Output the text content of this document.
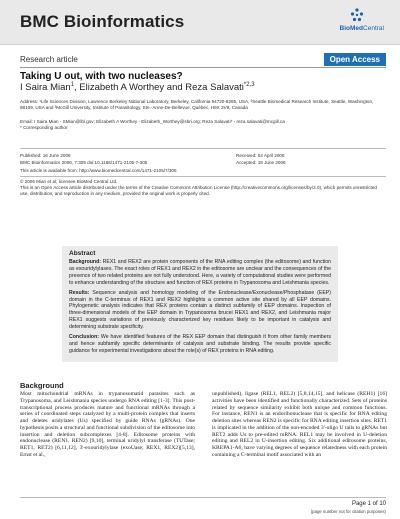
BMC Bioinformatics	BioMedCentral
Research article	Open Access
Taking U out, with two nucleases?
I Saira Mian$^1$, Elizabeth A Worthey and Reza Salavati$^{*2,3}$
Address: ¹Life Sciences Division, Lawrence Berkeley National Laboratory, Berkeley, California 94720-8265, USA, ²Seattle Biomedical Research Institute, Seattle, Washington, 98109, USA and ³McGill University, Institute of Parasitology, Ste.-Anne-De-Bellevue, Québec, H9X 3V9, Canada
Email: I Saira Mian - SMian@lbl.gov; Elizabeth A Worthey - Elizabeth_Worthey@sbri.org; Reza Salavati* - reza.salavati@mcgill.ca
* Corresponding author
Published: 16 June 2006	Received: 04 April 2006
BMC Bioinformatics 2006, 7:305 doi:10.1186/1471-2105-7-305	Accepted: 16 June 2006
This article is available from: http://www.biomedcentral.com/1471-2105/7/305
© 2006 Mian et al; licensee BioMed Central Ltd.
This is an Open Access article distributed under the terms of the Creative Commons Attribution License (http://creativecommons.org/licenses/by/2.0), which permits unrestricted use, distribution, and reproduction in any medium, provided the original work is properly cited.
Abstract

Background: REX1 and REX2 are protein components of the RNA editing complex (the editosome) and function as exouridylylases. The exact roles of REX1 and REX2 in the editosome are unclear and the consequences of the presence of two related proteins are not fully understood. Here, a variety of computational studies were performed to enhance understanding of the structure and function of REX proteins in Trypanosoma and Leishmania species.

Results: Sequence analysis and homology modeling of the Endonuclease/Exonuclease/Phosphatase (EEP) domain in the C-terminus of REX1 and REX2 highlights a common active site shared by all EEP domains. Phylogenetic analysis indicates that REX proteins contain a distinct subfamily of EEP domains. Inspection of three-dimensional models of the EEP domain in Trypanosoma brucei REX1 and REX2, and Leishmania major REX1 suggests variations of previously characterized key residues likely to be important in catalysis and determining substrate specificity.

Conclusion: We have identified features of the REX EEP domain that distinguish it from other family members and hence subfamily specific determinants of catalysis and substrate binding. The results provide specific guidance for experimental investigations about the role(s) of REX proteins in RNA editing.

Background
Most mitochondrial mRNAs in trypanosomatid parasites such as Trypanosoma, and Leishmania species undergo RNA editing [1-3]. This post-transcriptional process produces mature and functional mRNAs through a series of coordinated steps catalyzed by a multi-protein complex that inserts and deletes uridylates (Us) specified by guide RNAs (gRNAs). One hypothesis posits a structural and functional subdivision of the editosome into insertion and deletion subcomplexes [4-8]. Editosome proteins with endonuclease (REN1, REN2) [9,10], terminal uridylyl transferase (TUTase; RET1, RET2) [6,11,12], 3'-exouridylylase (exoUase; REX1, REX2)[5,13], Ernst et al.,
unpublished), ligase (REL1, REL2) [5,8,14,15], and helicase (REH1) [16] activities have been identified and functionally characterized. Sets of proteins related by sequence similarity exhibit both unique and common functions. For instance, REN1 is an endoribonuclease that is specific for RNA editing deletion sites whereas REN2 is specific for RNA editing insertion sites. RET1 is implicated in the addition of the non-encoded 3'-oligo U tails to gRNAs but RET2 adds Us to pre-edited mRNA. REL1 may be involved in U-deletion editing and REL2 in U-insertion editing. Six additional editosome proteins, KREPA1-A6, have varying degrees of sequence relatedness with each protein containing a C-terminal motif associated with an
Page 1 of 10
(page number not for citation purposes)
